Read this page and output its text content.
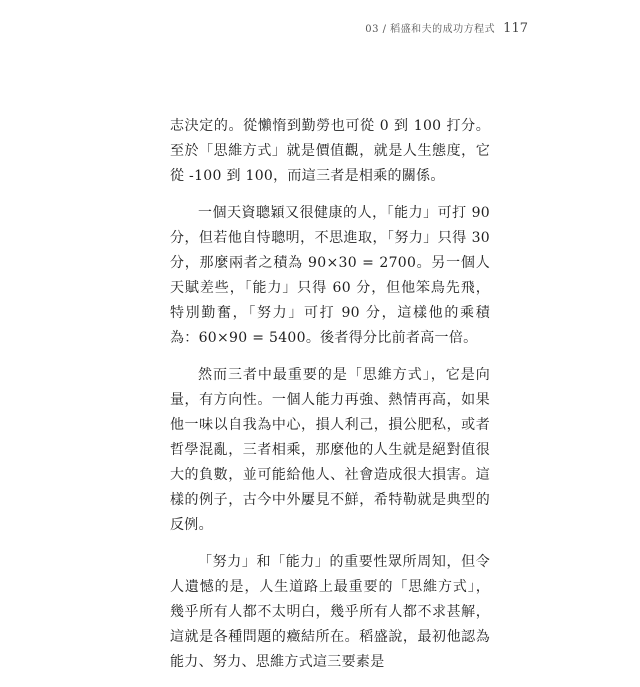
03 / 稻盛和夫的成功方程式 117

志決定的。從懶惰到勤勞也可從 0 到 100 打分。至於「思維方式」就是價值觀，就是人生態度，它從 -100 到 100，而這三者是相乘的關係。

一個天資聰穎又很健康的人，「能力」可打 90 分，但若他自恃聰明，不思進取，「努力」只得 30 分，那麼兩者之積為 90×30 = 2700。另一個人天賦差些，「能力」只得 60 分，但他笨鳥先飛，特別勤奮，「努力」可打 90 分，這樣他的乘積為：60×90 = 5400。後者得分比前者高一倍。

然而三者中最重要的是「思維方式」，它是向量，有方向性。一個人能力再強、熱情再高，如果他一味以自我為中心，損人利己，損公肥私，或者哲學混亂，三者相乘，那麼他的人生就是絕對值很大的負數，並可能給他人、社會造成很大損害。這樣的例子，古今中外屢見不鮮，希特勒就是典型的反例。

「努力」和「能力」的重要性眾所周知，但令人遺憾的是，人生道路上最重要的「思維方式」，幾乎所有人都不太明白，幾乎所有人都不求甚解，這就是各種問題的癥結所在。稻盛說，最初他認為能力、努力、思維方式這三要素是
